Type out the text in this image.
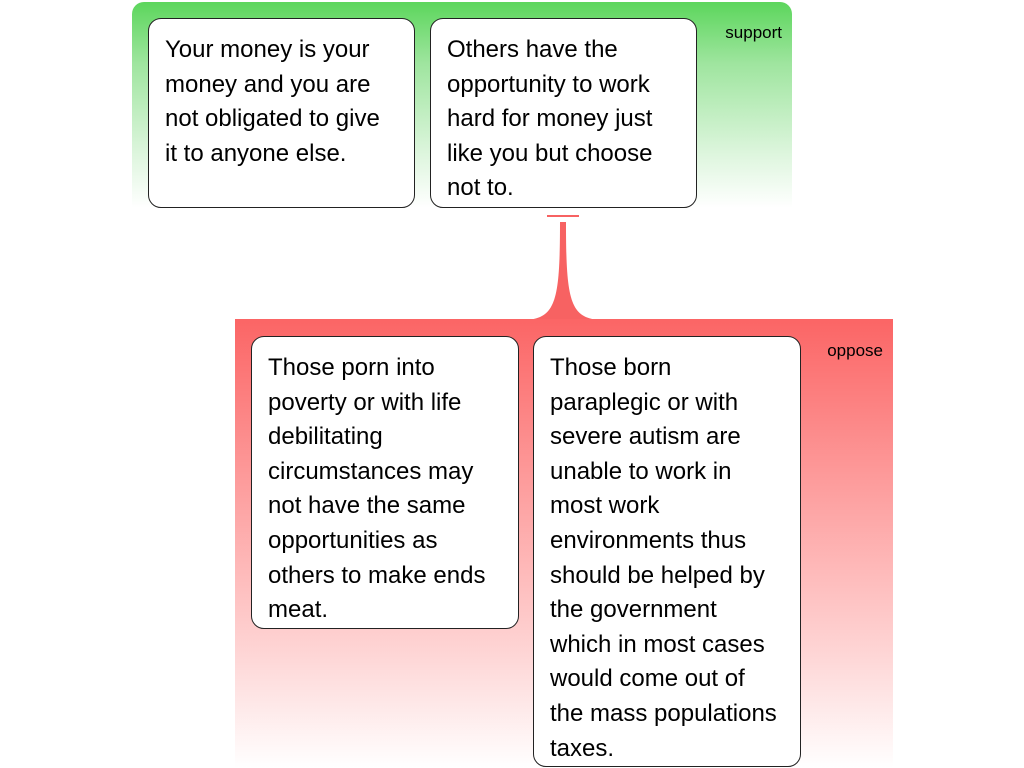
support
Your money is your money and you are not obligated to give it to anyone else.
Others have the opportunity to work hard for money just like you but choose not to.
oppose
Those porn into poverty or with life debilitating circumstances may not have the same opportunities as others to make ends meat.
Those born paraplegic or with severe autism are unable to work in most work environments thus should be helped by the government which in most cases would come out of the mass populations taxes.
